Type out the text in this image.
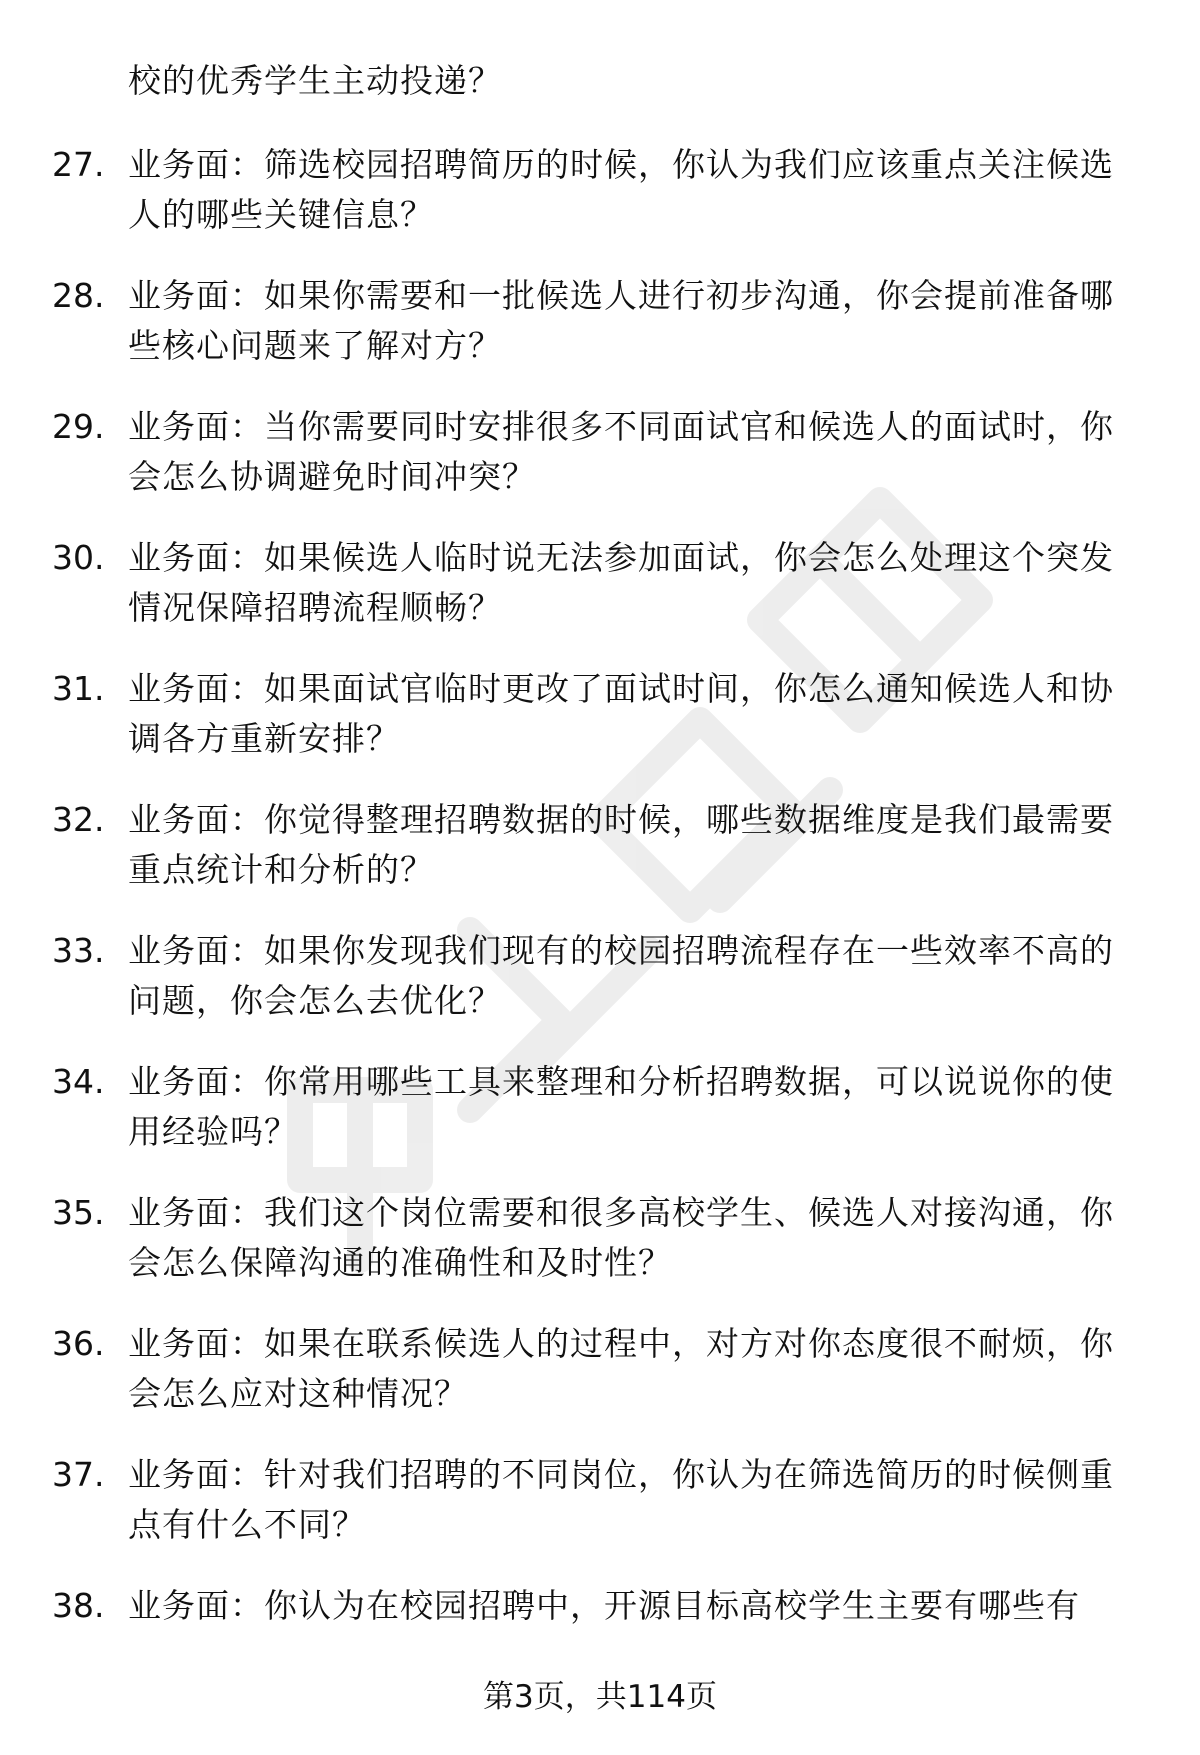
校的优秀学生主动投递？
27. 业务面：筛选校园招聘简历的时候，你认为我们应该重点关注候选人的哪些关键信息？
28. 业务面：如果你需要和一批候选人进行初步沟通，你会提前准备哪些核心问题来了解对方？
29. 业务面：当你需要同时安排很多不同面试官和候选人的面试时，你会怎么协调避免时间冲突？
30. 业务面：如果候选人临时说无法参加面试，你会怎么处理这个突发情况保障招聘流程顺畅？
31. 业务面：如果面试官临时更改了面试时间，你怎么通知候选人和协调各方重新安排？
32. 业务面：你觉得整理招聘数据的时候，哪些数据维度是我们最需要重点统计和分析的？
33. 业务面：如果你发现我们现有的校园招聘流程存在一些效率不高的问题，你会怎么去优化？
34. 业务面：你常用哪些工具来整理和分析招聘数据，可以说说你的使用经验吗？
35. 业务面：我们这个岗位需要和很多高校学生、候选人对接沟通，你会怎么保障沟通的准确性和及时性？
36. 业务面：如果在联系候选人的过程中，对方对你态度很不耐烦，你会怎么应对这种情况？
37. 业务面：针对我们招聘的不同岗位，你认为在筛选简历的时候侧重点有什么不同？
38. 业务面：你认为在校园招聘中，开源目标高校学生主要有哪些有
第3页，共114页
